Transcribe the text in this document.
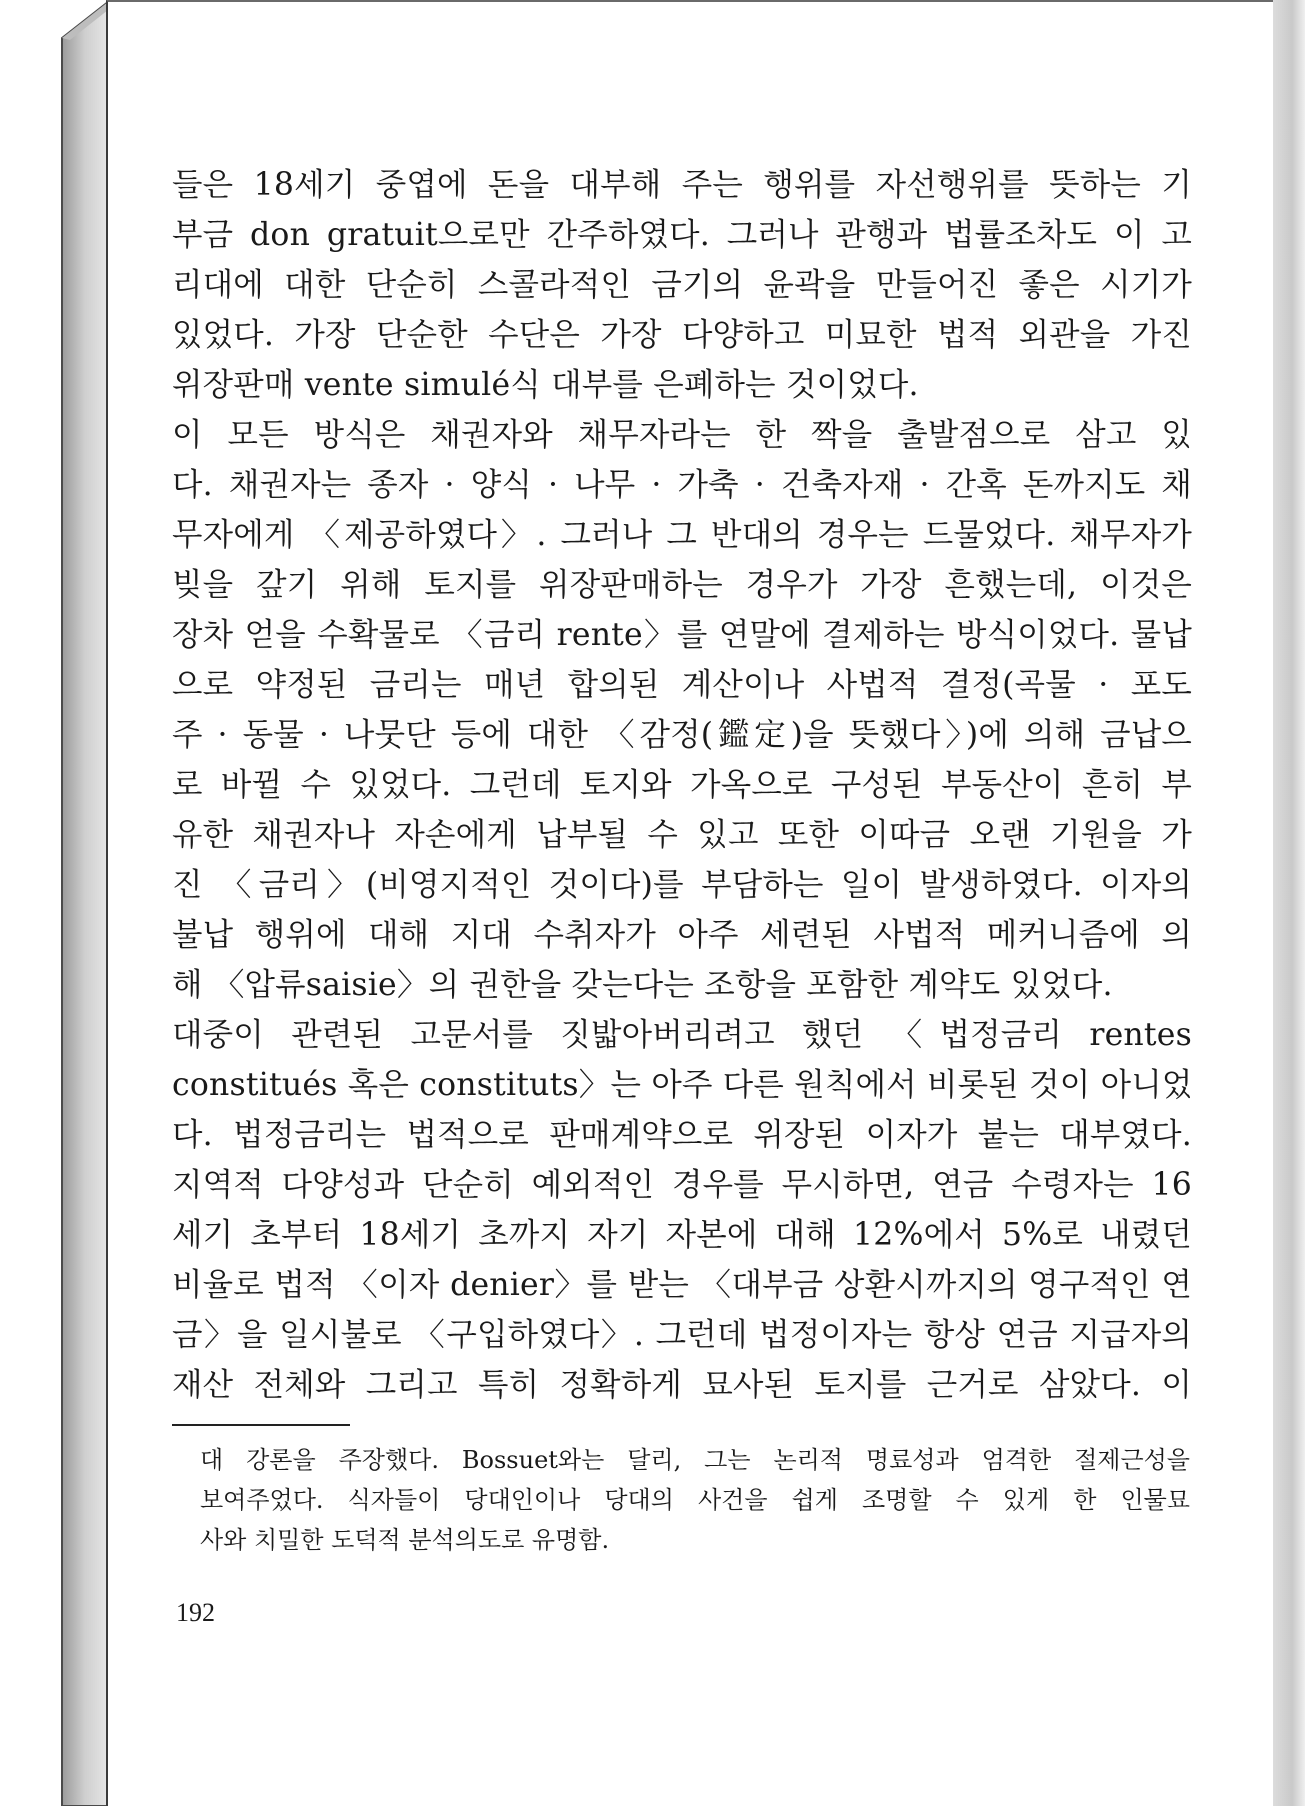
들은 18세기 중엽에 돈을 대부해 주는 행위를 자선행위를 뜻하는 기
부금 don gratuit으로만 간주하였다. 그러나 관행과 법률조차도 이 고
리대에 대한 단순히 스콜라적인 금기의 윤곽을 만들어진 좋은 시기가
있었다. 가장 단순한 수단은 가장 다양하고 미묘한 법적 외관을 가진
위장판매 vente simulé식 대부를 은폐하는 것이었다.
이 모든 방식은 채권자와 채무자라는 한 짝을 출발점으로 삼고 있
다. 채권자는 종자 · 양식 · 나무 · 가축 · 건축자재 · 간혹 돈까지도 채
무자에게 〈제공하였다〉. 그러나 그 반대의 경우는 드물었다. 채무자가
빚을 갚기 위해 토지를 위장판매하는 경우가 가장 흔했는데, 이것은
장차 얻을 수확물로 〈금리 rente〉를 연말에 결제하는 방식이었다. 물납
으로 약정된 금리는 매년 합의된 계산이나 사법적 결정(곡물 · 포도
주 · 동물 · 나뭇단 등에 대한 〈감정(鑑定)을 뜻했다〉)에 의해 금납으
로 바뀔 수 있었다. 그런데 토지와 가옥으로 구성된 부동산이 흔히 부
유한 채권자나 자손에게 납부될 수 있고 또한 이따금 오랜 기원을 가
진 〈금리〉(비영지적인 것이다)를 부담하는 일이 발생하였다. 이자의
불납 행위에 대해 지대 수취자가 아주 세련된 사법적 메커니즘에 의
해 〈압류saisie〉의 권한을 갖는다는 조항을 포함한 계약도 있었다.
대중이 관련된 고문서를 짓밟아버리려고 했던 〈법정금리 rentes
constitués 혹은 constituts〉는 아주 다른 원칙에서 비롯된 것이 아니었
다. 법정금리는 법적으로 판매계약으로 위장된 이자가 붙는 대부였다.
지역적 다양성과 단순히 예외적인 경우를 무시하면, 연금 수령자는 16
세기 초부터 18세기 초까지 자기 자본에 대해 12%에서 5%로 내렸던
비율로 법적 〈이자 denier〉를 받는 〈대부금 상환시까지의 영구적인 연
금〉을 일시불로 〈구입하였다〉. 그런데 법정이자는 항상 연금 지급자의
재산 전체와 그리고 특히 정확하게 묘사된 토지를 근거로 삼았다. 이
대 강론을 주장했다. Bossuet와는 달리, 그는 논리적 명료성과 엄격한 절제근성을
보여주었다. 식자들이 당대인이나 당대의 사건을 쉽게 조명할 수 있게 한 인물묘
사와 치밀한 도덕적 분석의도로 유명함.
192
